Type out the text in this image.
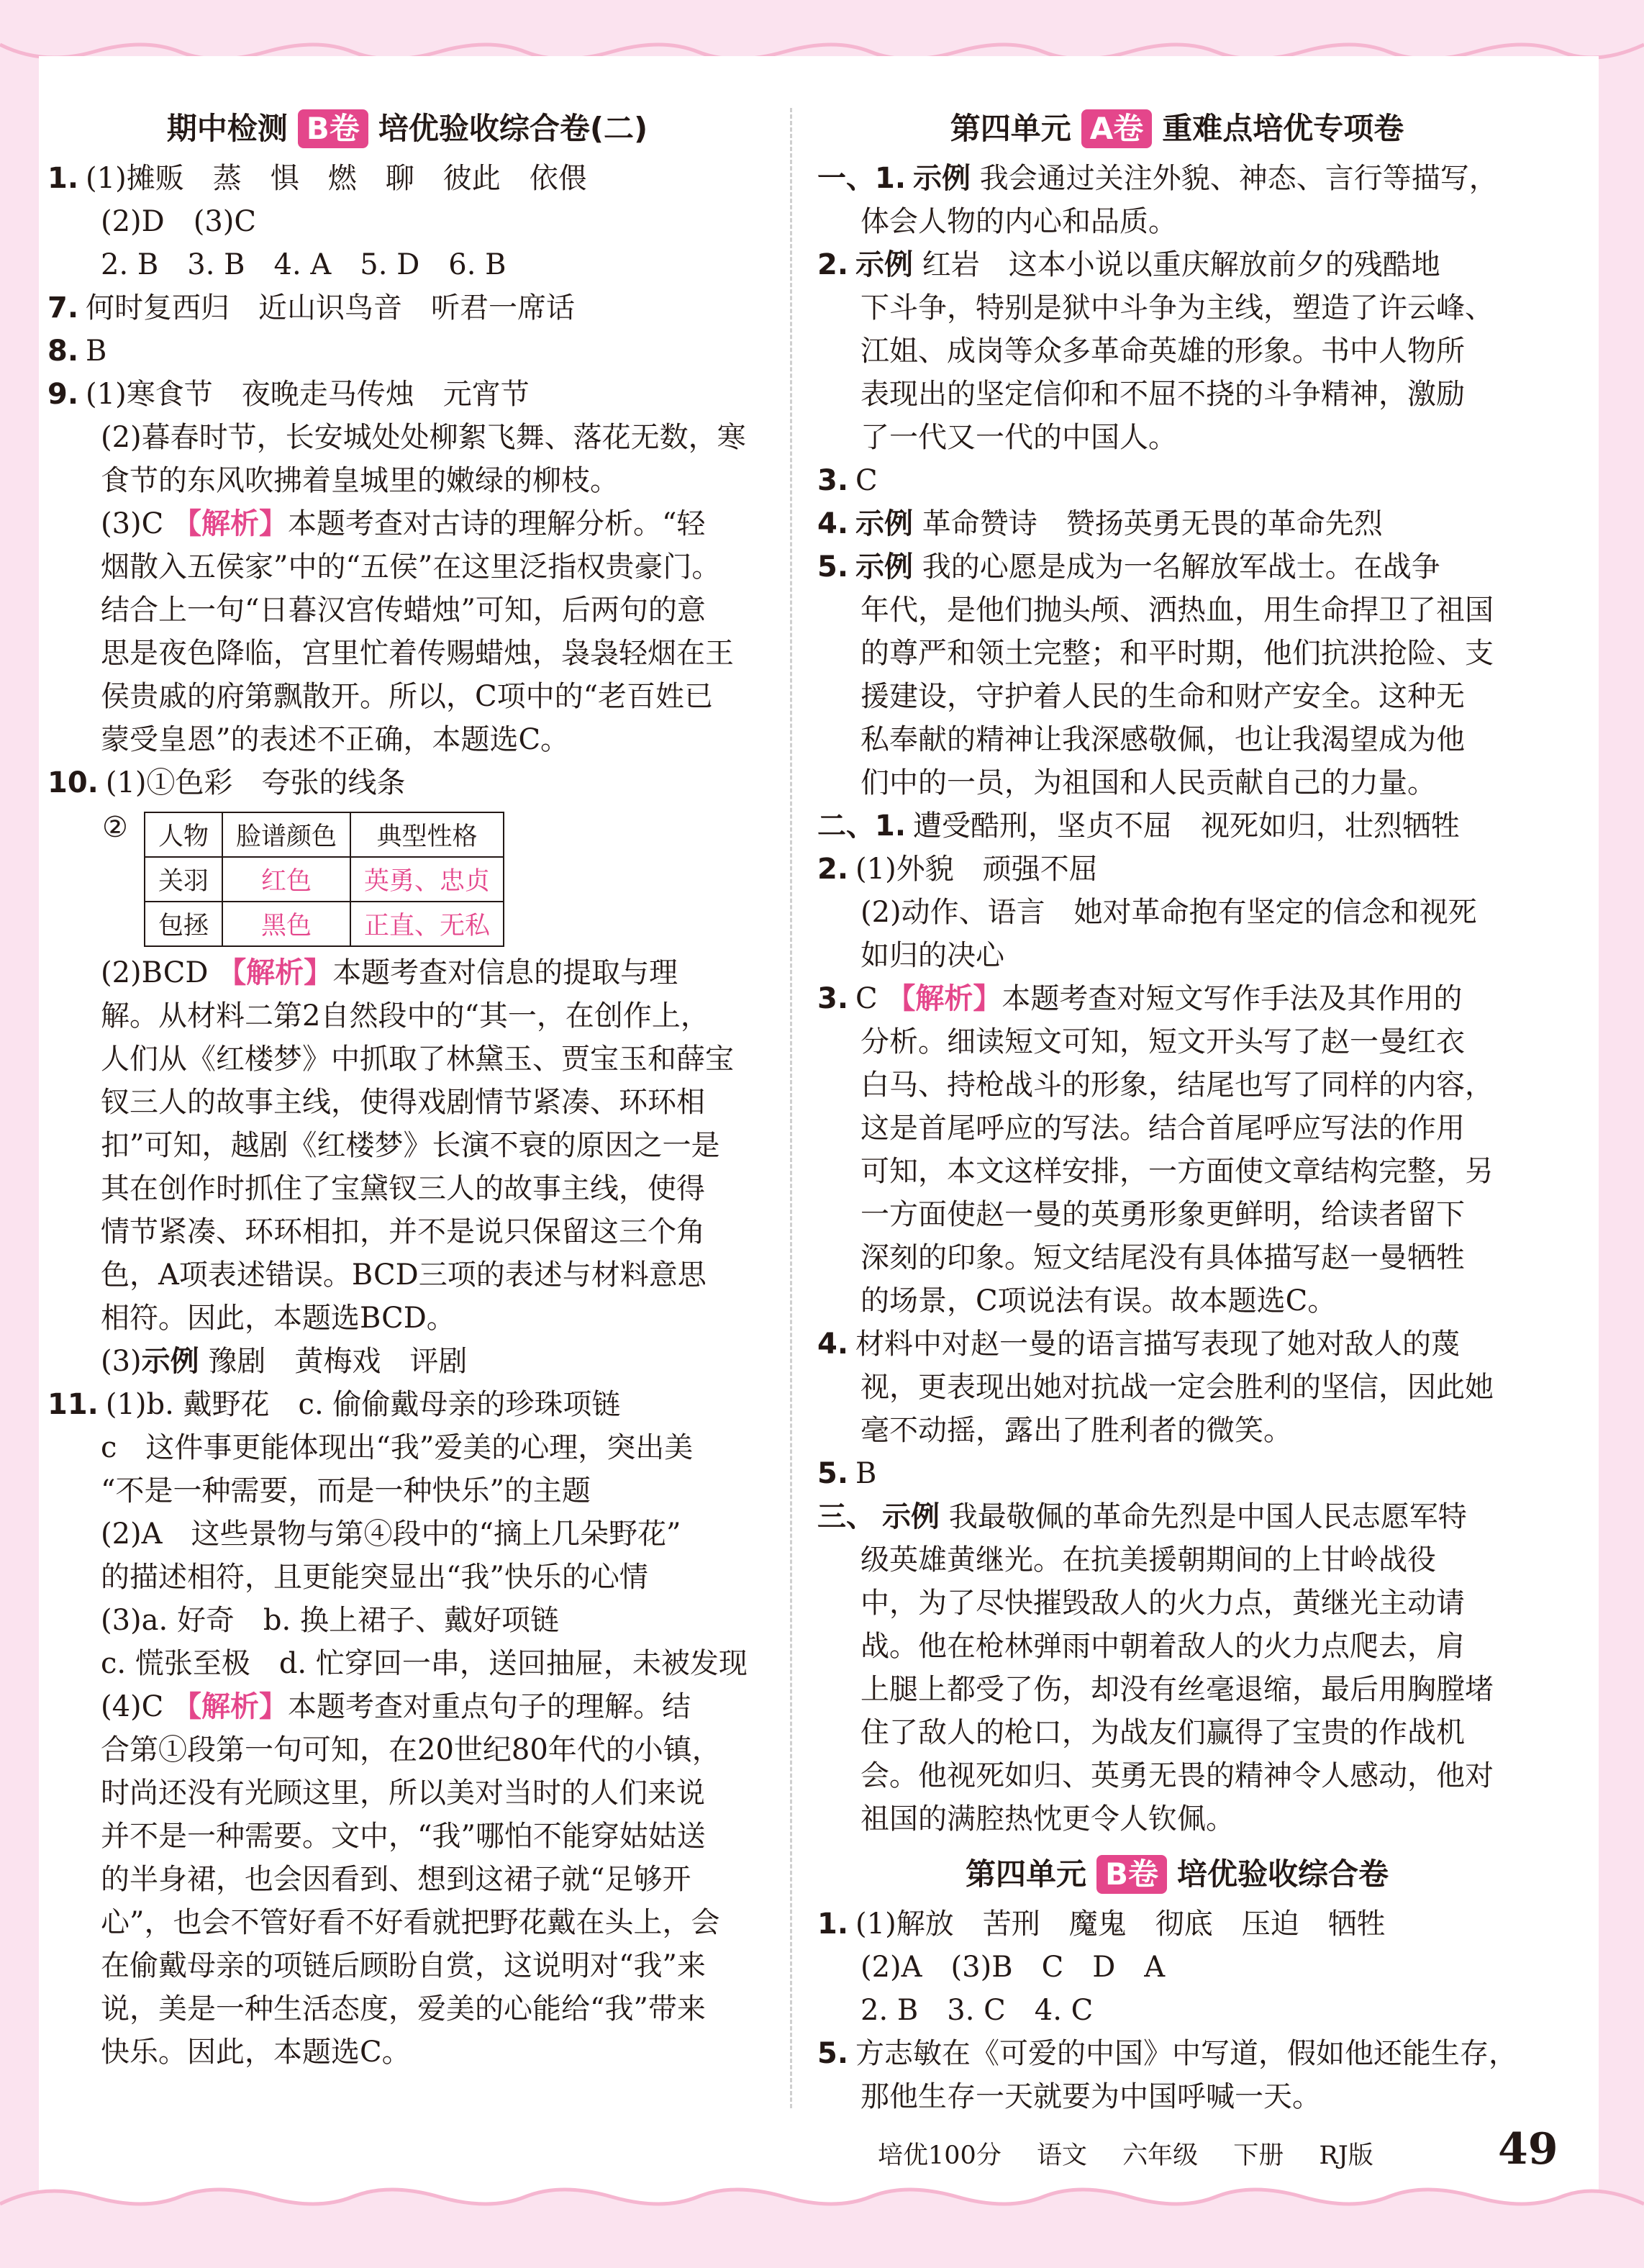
期中检测 B卷 培优验收综合卷(二)
1. (1)摊贩　蒸　惧　燃　聊　彼此　依偎
(2)D　(3)C
2. B　3. B　4. A　5. D　6. B
7. 何时复西归　近山识鸟音　听君一席话
8. B
9. (1)寒食节　夜晚走马传烛　元宵节
(2)暮春时节，长安城处处柳絮飞舞、落花无数，寒
食节的东风吹拂着皇城里的嫩绿的柳枝。
(3)C 【解析】本题考查对古诗的理解分析。“轻
烟散入五侯家”中的“五侯”在这里泛指权贵豪门。
结合上一句“日暮汉宫传蜡烛”可知，后两句的意
思是夜色降临，宫里忙着传赐蜡烛，袅袅轻烟在王
侯贵戚的府第飘散开。所以，C项中的“老百姓已
蒙受皇恩”的表述不正确，本题选C。
10. (1)①色彩　夸张的线条
② 人物	脸谱颜色	典型性格
关羽	红色	英勇、忠贞
包拯	黑色	正直、无私
(2)BCD 【解析】本题考查对信息的提取与理
解。从材料二第2自然段中的“其一，在创作上，
人们从《红楼梦》中抓取了林黛玉、贾宝玉和薛宝
钗三人的故事主线，使得戏剧情节紧凑、环环相
扣”可知，越剧《红楼梦》长演不衰的原因之一是
其在创作时抓住了宝黛钗三人的故事主线，使得
情节紧凑、环环相扣，并不是说只保留这三个角
色，A项表述错误。BCD三项的表述与材料意思
相符。因此，本题选BCD。
(3)示例 豫剧　黄梅戏　评剧
11. (1)b. 戴野花　c. 偷偷戴母亲的珍珠项链
c　这件事更能体现出“我”爱美的心理，突出美
“不是一种需要，而是一种快乐”的主题
(2)A　这些景物与第④段中的“摘上几朵野花”
的描述相符，且更能突显出“我”快乐的心情
(3)a. 好奇　b. 换上裙子、戴好项链
c. 慌张至极　d. 忙穿回一串，送回抽屉，未被发现
(4)C 【解析】本题考查对重点句子的理解。结
合第①段第一句可知，在20世纪80年代的小镇，
时尚还没有光顾这里，所以美对当时的人们来说
并不是一种需要。文中，“我”哪怕不能穿姑姑送
的半身裙，也会因看到、想到这裙子就“足够开
心”，也会不管好看不好看就把野花戴在头上，会
在偷戴母亲的项链后顾盼自赏，这说明对“我”来
说，美是一种生活态度，爱美的心能给“我”带来
快乐。因此，本题选C。
第四单元 A卷 重难点培优专项卷
一、1. 示例 我会通过关注外貌、神态、言行等描写，
体会人物的内心和品质。
2. 示例 红岩　这本小说以重庆解放前夕的残酷地
下斗争，特别是狱中斗争为主线，塑造了许云峰、
江姐、成岗等众多革命英雄的形象。书中人物所
表现出的坚定信仰和不屈不挠的斗争精神，激励
了一代又一代的中国人。
3. C
4. 示例 革命赞诗　赞扬英勇无畏的革命先烈
5. 示例 我的心愿是成为一名解放军战士。在战争
年代，是他们抛头颅、洒热血，用生命捍卫了祖国
的尊严和领土完整；和平时期，他们抗洪抢险、支
援建设，守护着人民的生命和财产安全。这种无
私奉献的精神让我深感敬佩，也让我渴望成为他
们中的一员，为祖国和人民贡献自己的力量。
二、1. 遭受酷刑，坚贞不屈　视死如归，壮烈牺牲
2. (1)外貌　顽强不屈
(2)动作、语言　她对革命抱有坚定的信念和视死
如归的决心
3. C 【解析】本题考查对短文写作手法及其作用的
分析。细读短文可知，短文开头写了赵一曼红衣
白马、持枪战斗的形象，结尾也写了同样的内容，
这是首尾呼应的写法。结合首尾呼应写法的作用
可知，本文这样安排，一方面使文章结构完整，另
一方面使赵一曼的英勇形象更鲜明，给读者留下
深刻的印象。短文结尾没有具体描写赵一曼牺牲
的场景，C项说法有误。故本题选C。
4. 材料中对赵一曼的语言描写表现了她对敌人的蔑
视，更表现出她对抗战一定会胜利的坚信，因此她
毫不动摇，露出了胜利者的微笑。
5. B
三、 示例 我最敬佩的革命先烈是中国人民志愿军特
级英雄黄继光。在抗美援朝期间的上甘岭战役
中，为了尽快摧毁敌人的火力点，黄继光主动请
战。他在枪林弹雨中朝着敌人的火力点爬去，肩
上腿上都受了伤，却没有丝毫退缩，最后用胸膛堵
住了敌人的枪口，为战友们赢得了宝贵的作战机
会。他视死如归、英勇无畏的精神令人感动，他对
祖国的满腔热忱更令人钦佩。
第四单元 B卷 培优验收综合卷
1. (1)解放　苦刑　魔鬼　彻底　压迫　牺牲
(2)A　(3)B　C　D　A
2. B　3. C　4. C
5. 方志敏在《可爱的中国》中写道，假如他还能生存，
那他生存一天就要为中国呼喊一天。
培优100分 语文 六年级 下册 RJ版	49
